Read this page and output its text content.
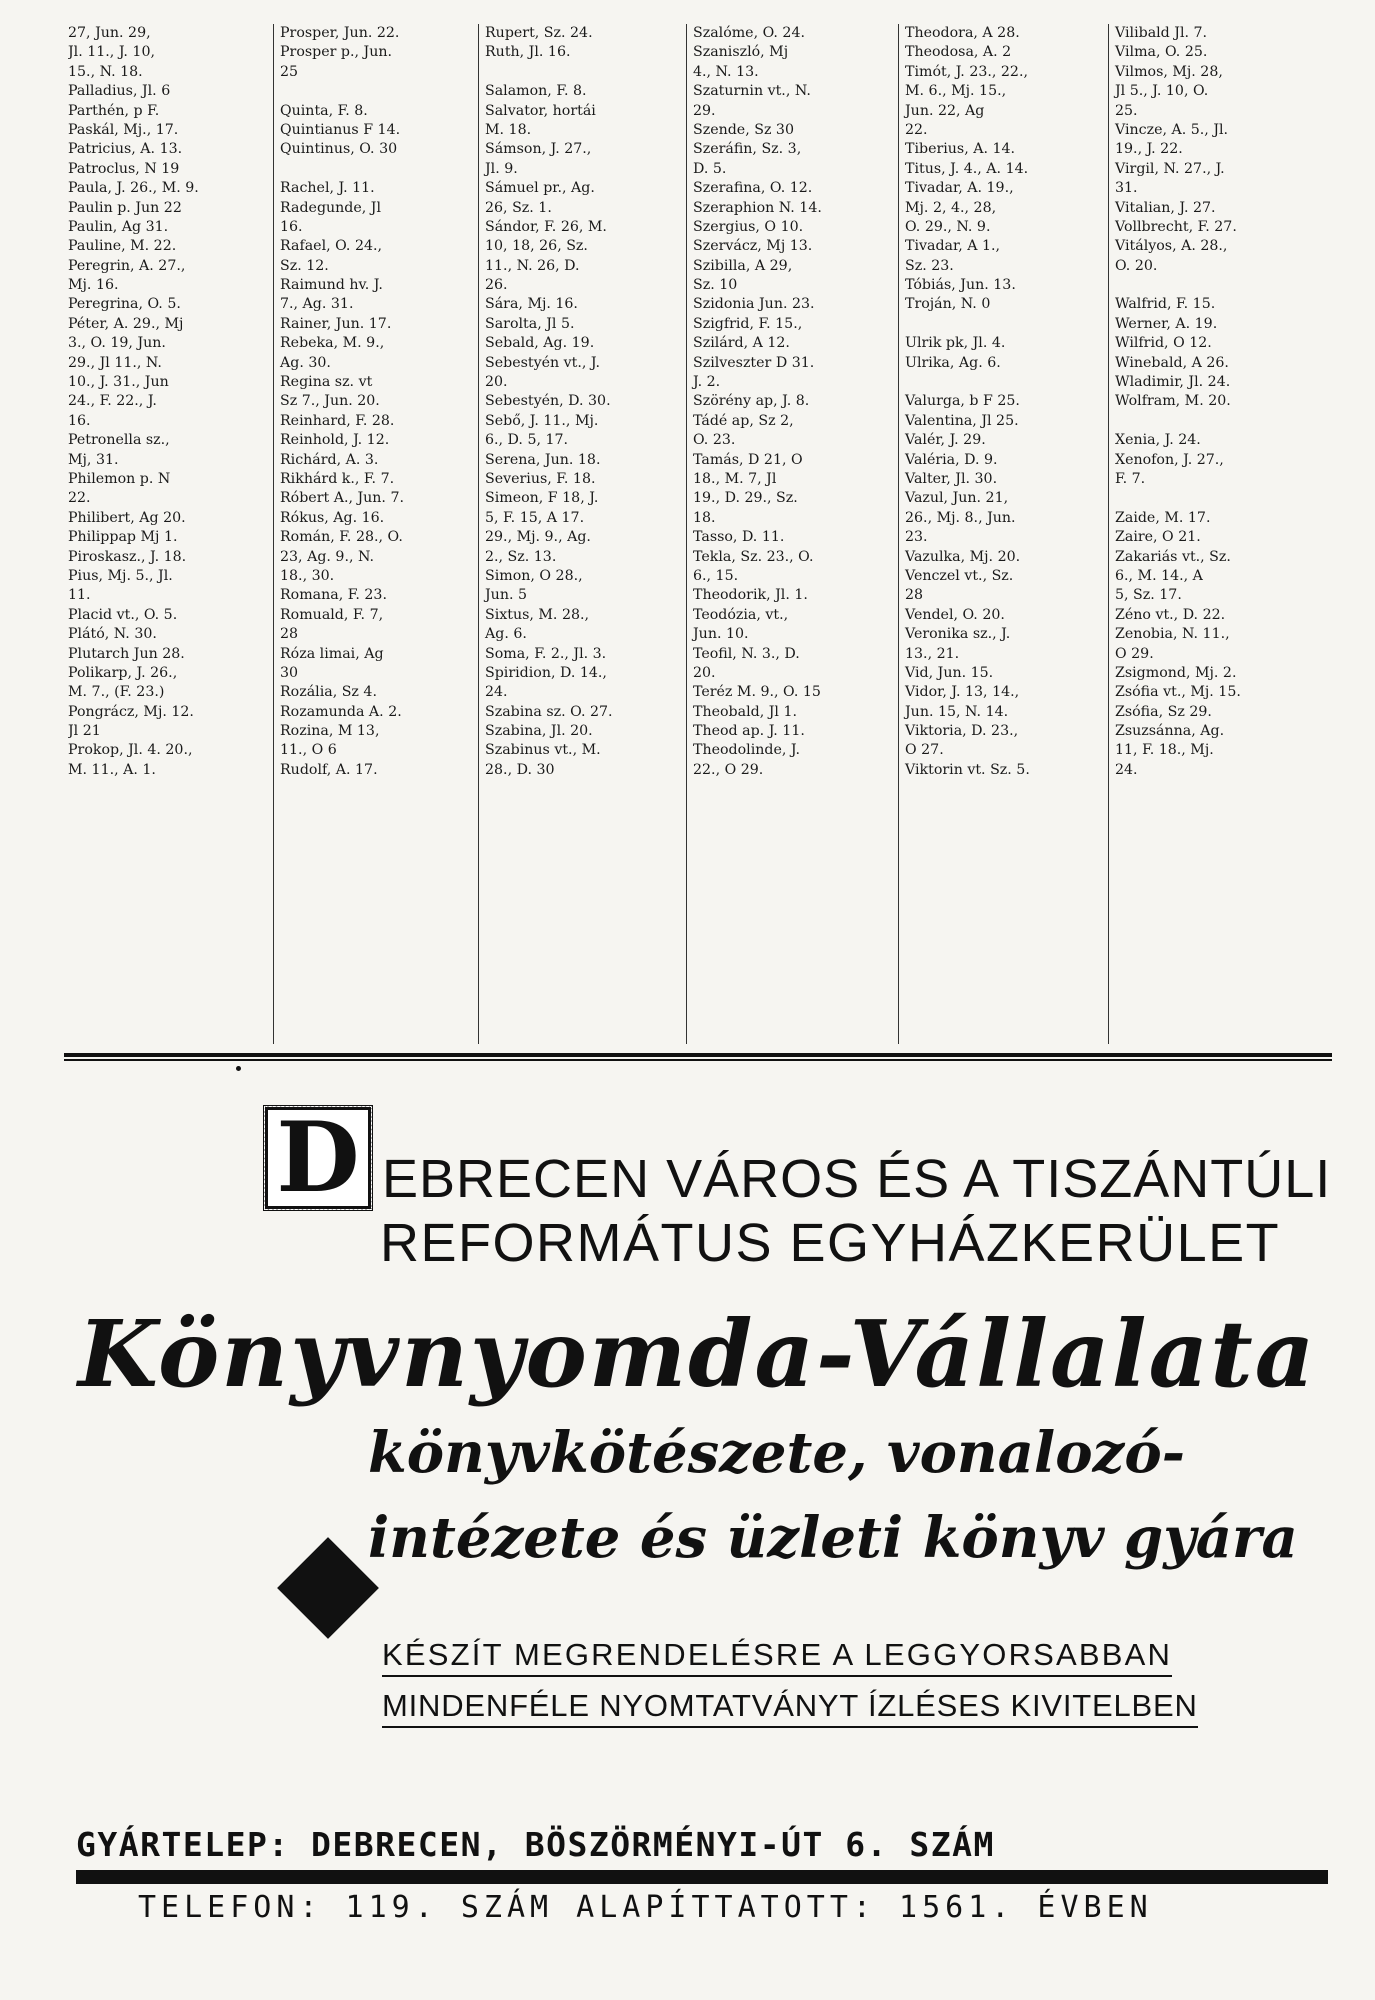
27, Jun. 29,
Jl. 11., J. 10,
15., N. 18.
Palladius, Jl. 6
Parthén, p F.
Paskál, Mj., 17.
Patricius, A. 13.
Patroclus, N 19
Paula, J. 26., M. 9.
Paulin p. Jun 22
Paulin, Ag 31.
Pauline, M. 22.
Peregrin, A. 27.,
Mj. 16.
Peregrina, O. 5.
Péter, A. 29., Mj
3., O. 19, Jun.
29., Jl 11., N.
10., J. 31., Jun
24., F. 22., J.
16.
Petronella sz.,
Mj, 31.
Philemon p. N
22.
Philibert, Ag 20.
Philippap Mj 1.
Piroskasz., J. 18.
Pius, Mj. 5., Jl.
11.
Placid vt., O. 5.
Plátó, N. 30.
Plutarch Jun 28.
Polikarp, J. 26.,
M. 7., (F. 23.)
Pongrácz, Mj. 12.
Jl 21
Prokop, Jl. 4. 20.,
M. 11., A. 1.
Prosper, Jun. 22.
Prosper p., Jun.
25
Quinta, F. 8.
Quintianus F 14.
Quintinus, O. 30
Rachel, J. 11.
Radegunde, Jl
16.
Rafael, O. 24.,
Sz. 12.
Raimund hv. J.
7., Ag. 31.
Rainer, Jun. 17.
Rebeka, M. 9.,
Ag. 30.
Regina sz. vt
Sz 7., Jun. 20.
Reinhard, F. 28.
Reinhold, J. 12.
Richárd, A. 3.
Rikhárd k., F. 7.
Róbert A., Jun. 7.
Rókus, Ag. 16.
Román, F. 28., O.
23, Ag. 9., N.
18., 30.
Romana, F. 23.
Romuald, F. 7,
28
Róza limai, Ag
30
Rozália, Sz 4.
Rozamunda A. 2.
Rozina, M 13,
11., O 6
Rudolf, A. 17.
Rupert, Sz. 24.
Ruth, Jl. 16.
Salamon, F. 8.
Salvator, hortái
M. 18.
Sámson, J. 27.,
Jl. 9.
Sámuel pr., Ag.
26, Sz. 1.
Sándor, F. 26, M.
10, 18, 26, Sz.
11., N. 26, D.
26.
Sára, Mj. 16.
Sarolta, Jl 5.
Sebald, Ag. 19.
Sebestyén vt., J.
20.
Sebestyén, D. 30.
Sebő, J. 11., Mj.
6., D. 5, 17.
Serena, Jun. 18.
Severius, F. 18.
Simeon, F 18, J.
5, F. 15, A 17.
29., Mj. 9., Ag.
2., Sz. 13.
Simon, O 28.,
Jun. 5
Sixtus, M. 28.,
Ag. 6.
Soma, F. 2., Jl. 3.
Spiridion, D. 14.,
24.
Szabina sz. O. 27.
Szabina, Jl. 20.
Szabinus vt., M.
28., D. 30
Szalóme, O. 24.
Szaniszló, Mj
4., N. 13.
Szaturnin vt., N.
29.
Szende, Sz 30
Szeráfin, Sz. 3,
D. 5.
Szerafina, O. 12.
Szeraphion N. 14.
Szergius, O 10.
Szervácz, Mj 13.
Szibilla, A 29,
Sz. 10
Szidonia Jun. 23.
Szigfrid, F. 15.,
Szilárd, A 12.
Szilveszter D 31.
J. 2.
Szörény ap, J. 8.
Tádé ap, Sz 2,
O. 23.
Tamás, D 21, O
18., M. 7, Jl
19., D. 29., Sz.
18.
Tasso, D. 11.
Tekla, Sz. 23., O.
6., 15.
Theodorik, Jl. 1.
Teodózia, vt.,
Jun. 10.
Teofil, N. 3., D.
20.
Teréz M. 9., O. 15
Theobald, Jl 1.
Theod ap. J. 11.
Theodolinde, J.
22., O 29.
Theodora, A 28.
Theodosa, A. 2
Timót, J. 23., 22.,
M. 6., Mj. 15.,
Jun. 22, Ag
22.
Tiberius, A. 14.
Titus, J. 4., A. 14.
Tivadar, A. 19.,
Mj. 2, 4., 28,
O. 29., N. 9.
Tivadar, A 1.,
Sz. 23.
Tóbiás, Jun. 13.
Troján, N. 0
Ulrik pk, Jl. 4.
Ulrika, Ag. 6.
Valurga, b F 25.
Valentina, Jl 25.
Valér, J. 29.
Valéria, D. 9.
Valter, Jl. 30.
Vazul, Jun. 21,
26., Mj. 8., Jun.
23.
Vazulka, Mj. 20.
Venczel vt., Sz.
28
Vendel, O. 20.
Veronika sz., J.
13., 21.
Vid, Jun. 15.
Vidor, J. 13, 14.,
Jun. 15, N. 14.
Viktoria, D. 23.,
O 27.
Viktorin vt. Sz. 5.
Vilibald Jl. 7.
Vilma, O. 25.
Vilmos, Mj. 28,
Jl 5., J. 10, O.
25.
Vincze, A. 5., Jl.
19., J. 22.
Virgil, N. 27., J.
31.
Vitalian, J. 27.
Vollbrecht, F. 27.
Vitályos, A. 28.,
O. 20.
Walfrid, F. 15.
Werner, A. 19.
Wilfrid, O 12.
Winebald, A 26.
Wladimir, Jl. 24.
Wolfram, M. 20.
Xenia, J. 24.
Xenofon, J. 27.,
F. 7.
Zaide, M. 17.
Zaire, O 21.
Zakariás vt., Sz.
6., M. 14., A
5, Sz. 17.
Zéno vt., D. 22.
Zenobia, N. 11.,
O 29.
Zsigmond, Mj. 2.
Zsófia vt., Mj. 15.
Zsófia, Sz 29.
Zsuzsánna, Ag.
11, F. 18., Mj.
24.
D EBRECEN VÁROS ÉS A TISZÁNTÚLI
REFORMÁTUS EGYHÁZKERÜLET
Könyvnyomda-Vállalata
könyvkötészete, vonalozó-
intézete és üzleti könyv gyára
KÉSZÍT MEGRENDELÉSRE A LEGGYORSABBAN
MINDENFÉLE NYOMTATVÁNYT ÍZLÉSES KIVITELBEN
GYÁRTELEP: DEBRECEN, BÖSZÖRMÉNYI-ÚT 6. SZÁM
TELEFON: 119. SZÁM ALAPÍTTATOTT: 1561. ÉVBEN
